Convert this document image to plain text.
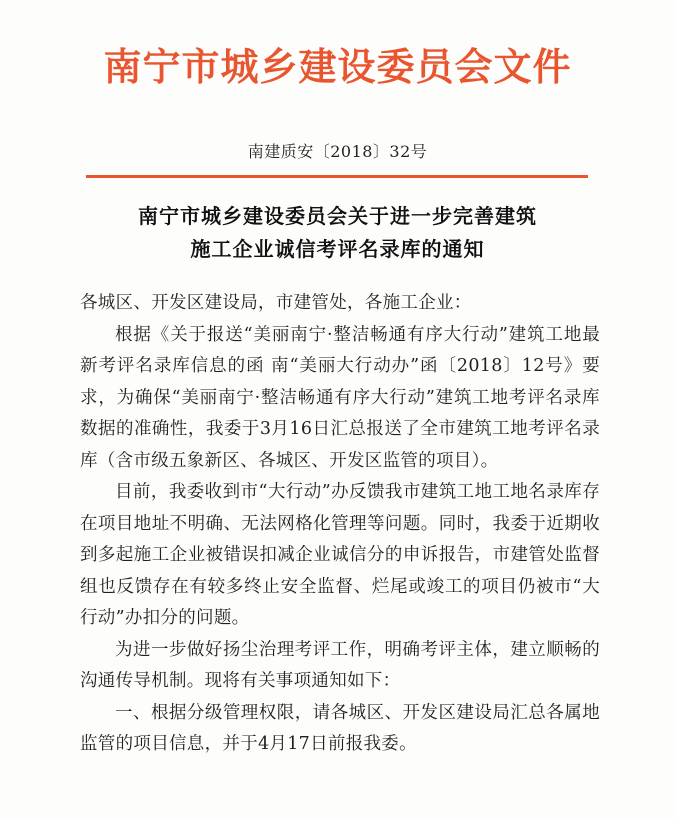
南宁市城乡建设委员会文件
南建质安〔2018〕32号
南宁市城乡建设委员会关于进一步完善建筑
施工企业诚信考评名录库的通知

各城区、开发区建设局，市建管处，各施工企业：

根据《关于报送“美丽南宁·整洁畅通有序大行动”建筑工地最新考评名录库信息的函 南“美丽大行动办”函〔2018〕12号》要求，为确保“美丽南宁·整洁畅通有序大行动”建筑工地考评名录库数据的准确性，我委于3月16日汇总报送了全市建筑工地考评名录库（含市级五象新区、各城区、开发区监管的项目）。

目前，我委收到市“大行动”办反馈我市建筑工地工地名录库存在项目地址不明确、无法网格化管理等问题。同时，我委于近期收到多起施工企业被错误扣减企业诚信分的申诉报告，市建管处监督组也反馈存在有较多终止安全监督、烂尾或竣工的项目仍被市“大行动”办扣分的问题。

为进一步做好扬尘治理考评工作，明确考评主体，建立顺畅的沟通传导机制。现将有关事项通知如下：

一、根据分级管理权限，请各城区、开发区建设局汇总各属地监管的项目信息，并于4月17日前报我委。
